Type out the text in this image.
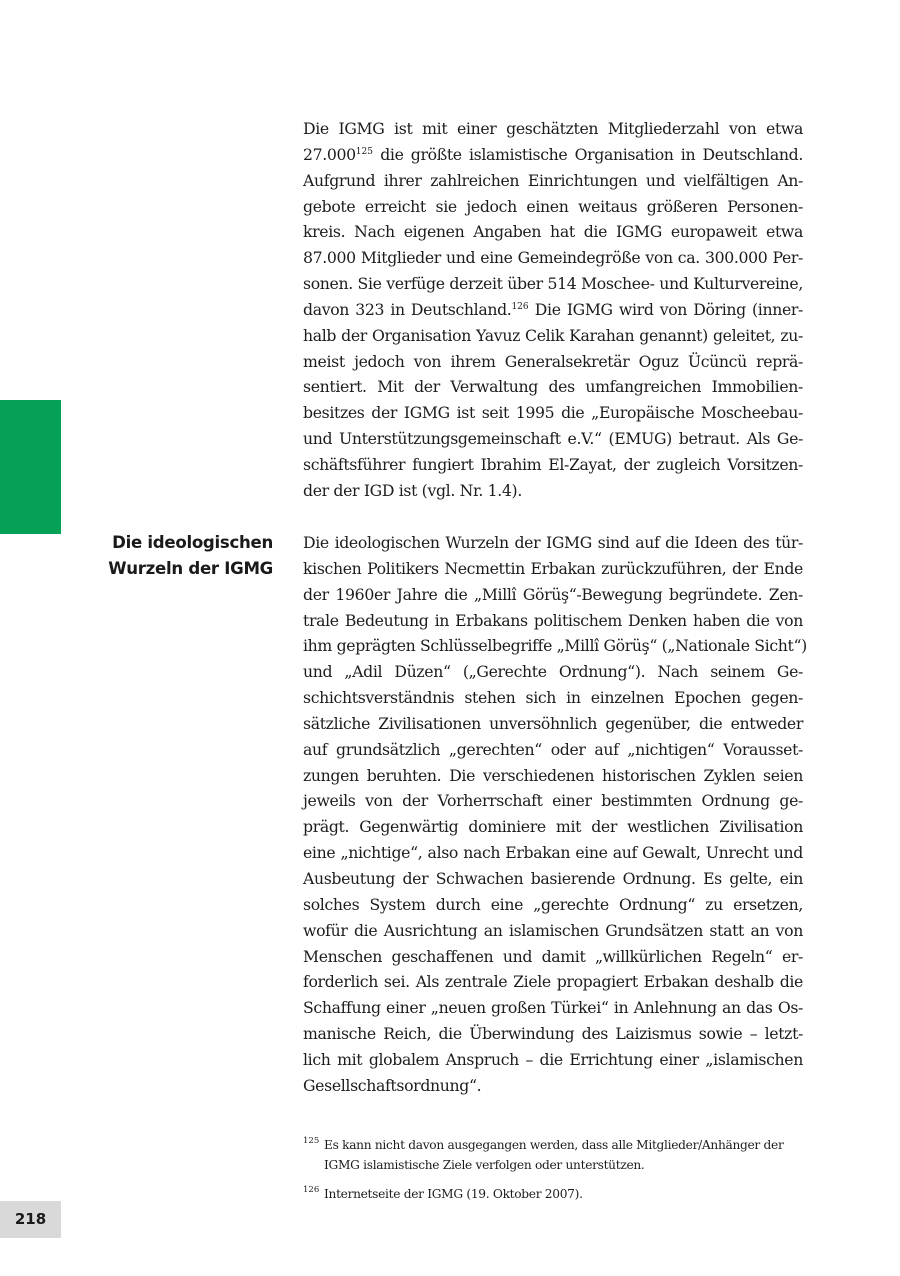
Die IGMG ist mit einer geschätzten Mitgliederzahl von etwa
27.000$^{125}$ die größte islamistische Organisation in Deutschland.
Aufgrund ihrer zahlreichen Einrichtungen und vielfältigen An-
gebote erreicht sie jedoch einen weitaus größeren Personen-
kreis. Nach eigenen Angaben hat die IGMG europaweit etwa
87.000 Mitglieder und eine Gemeindegröße von ca. 300.000 Per-
sonen. Sie verfüge derzeit über 514 Moschee- und Kulturvereine,
davon 323 in Deutschland.$^{126}$ Die IGMG wird von Döring (inner-
halb der Organisation Yavuz Celik Karahan genannt) geleitet, zu-
meist jedoch von ihrem Generalsekretär Oguz Ücüncü reprä-
sentiert. Mit der Verwaltung des umfangreichen Immobilien-
besitzes der IGMG ist seit 1995 die „Europäische Moscheebau-
und Unterstützungsgemeinschaft e.V.“ (EMUG) betraut. Als Ge-
schäftsführer fungiert Ibrahim El-Zayat, der zugleich Vorsitzen-
der der IGD ist (vgl. Nr. 1.4).
Die ideologischen
Wurzeln der IGMG
Die ideologischen Wurzeln der IGMG sind auf die Ideen des tür-
kischen Politikers Necmettin Erbakan zurückzuführen, der Ende
der 1960er Jahre die „Millî Görüş“-Bewegung begründete. Zen-
trale Bedeutung in Erbakans politischem Denken haben die von
ihm geprägten Schlüsselbegriffe „Millî Görüş“ („Nationale Sicht“)
und „Adil Düzen“ („Gerechte Ordnung“). Nach seinem Ge-
schichtsverständnis stehen sich in einzelnen Epochen gegen-
sätzliche Zivilisationen unversöhnlich gegenüber, die entweder
auf grundsätzlich „gerechten“ oder auf „nichtigen“ Vorausset-
zungen beruhten. Die verschiedenen historischen Zyklen seien
jeweils von der Vorherrschaft einer bestimmten Ordnung ge-
prägt. Gegenwärtig dominiere mit der westlichen Zivilisation
eine „nichtige“, also nach Erbakan eine auf Gewalt, Unrecht und
Ausbeutung der Schwachen basierende Ordnung. Es gelte, ein
solches System durch eine „gerechte Ordnung“ zu ersetzen,
wofür die Ausrichtung an islamischen Grundsätzen statt an von
Menschen geschaffenen und damit „willkürlichen Regeln“ er-
forderlich sei. Als zentrale Ziele propagiert Erbakan deshalb die
Schaffung einer „neuen großen Türkei“ in Anlehnung an das Os-
manische Reich, die Überwindung des Laizismus sowie – letzt-
lich mit globalem Anspruch – die Errichtung einer „islamischen
Gesellschaftsordnung“.
125 Es kann nicht davon ausgegangen werden, dass alle Mitglieder/Anhänger der
IGMG islamistische Ziele verfolgen oder unterstützen.
126 Internetseite der IGMG (19. Oktober 2007).
218
